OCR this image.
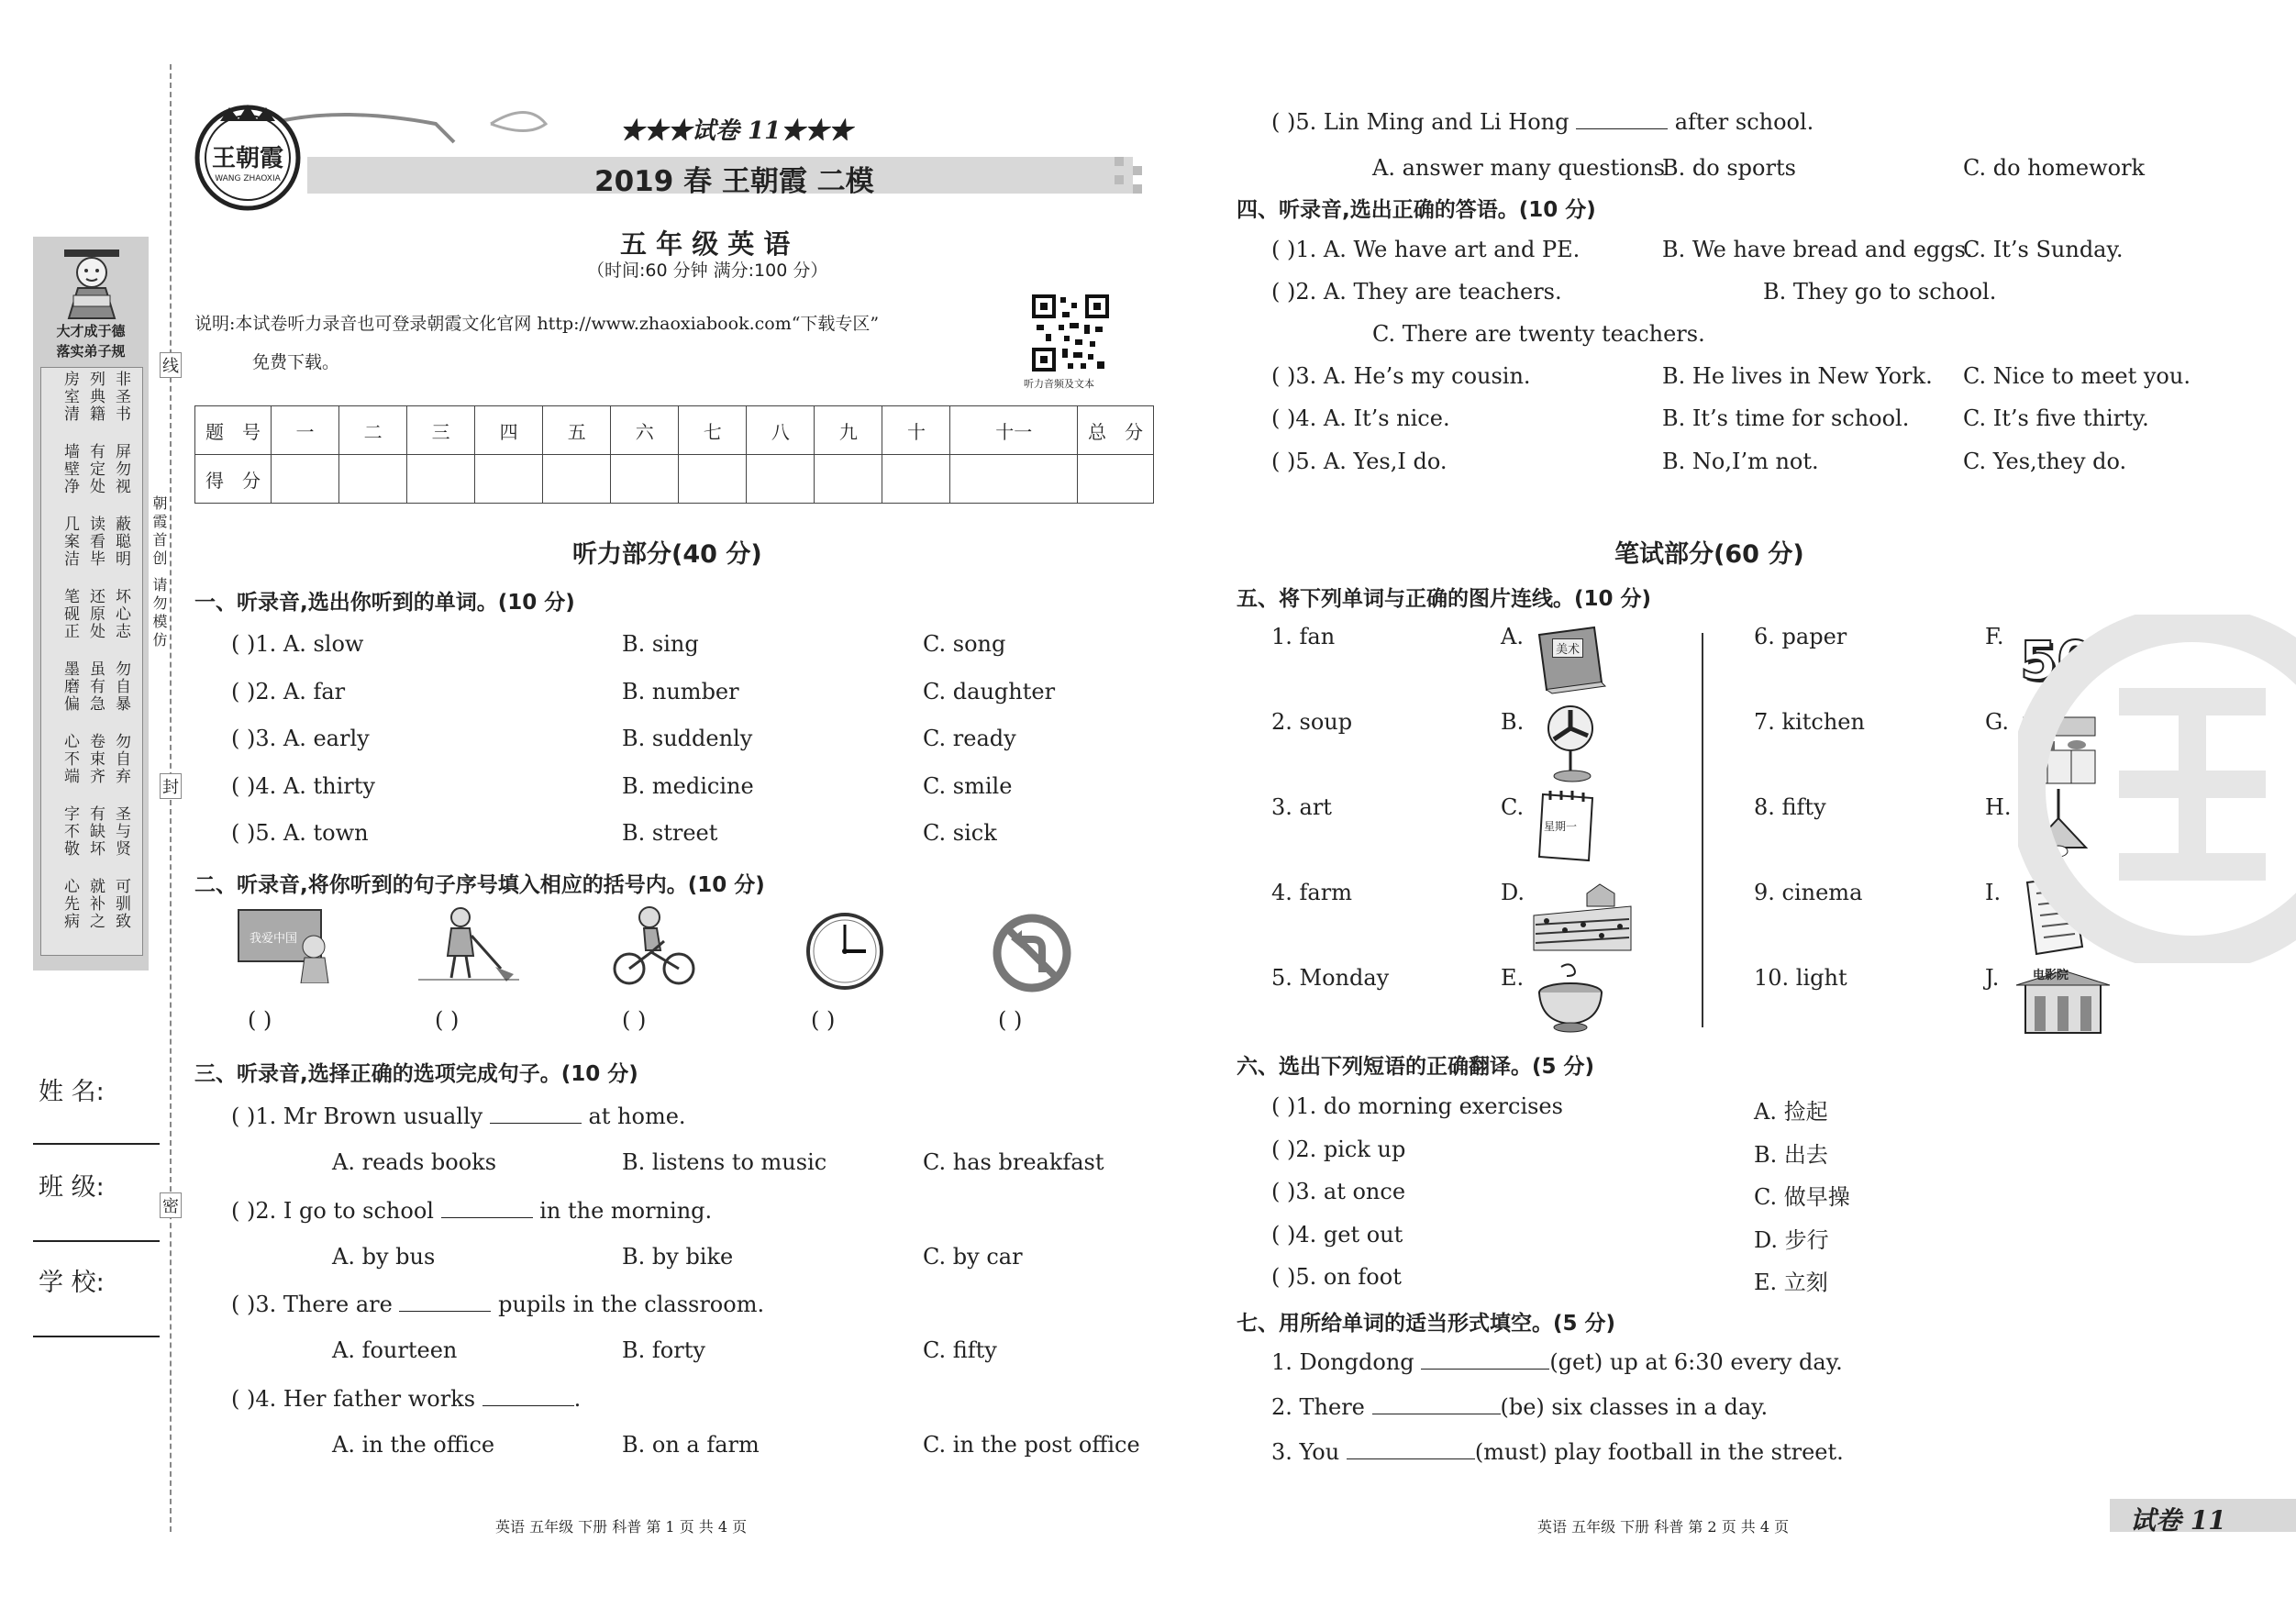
大才成于德
落实弟子规
非圣书
列典籍
房室清
屏勿视
有定处
墙壁净
蔽聪明
读看毕
几案洁
坏心志
还原处
笔砚正
勿自暴
虽有急
墨磨偏
勿自弃
卷束齐
心不端
圣与贤
有缺坏
字不敬
可驯致
就补之
心先病
线
封
密
朝霞首创 请勿模仿
姓 名:
班 级:
学 校:
王朝霞
WANG ZHAOXIA
★★★试卷 11★★★
2019 春 王朝霞 二模
五 年 级 英 语
（时间:60 分钟 满分:100 分）
说明:本试卷听力录音也可登录朝霞文化官网 http://www.zhaoxiabook.com“下载专区”
免费下载。
听力音频及文本
题　号	一	二	三	四	五	六	七	八	九	十	十一	总　分
得　分												
听力部分(40 分)
一、听录音,选出你听到的单词。(10 分)
( )1. A. slow	B. sing	C. song
( )2. A. far	B. number	C. daughter
( )3. A. early	B. suddenly	C. ready
( )4. A. thirty	B. medicine	C. smile
( )5. A. town	B. street	C. sick
二、听录音,将你听到的句子序号填入相应的括号内。(10 分)
我爱中国
( )	( )	( )	( )	( )
三、听录音,选择正确的选项完成句子。(10 分)
( )1. Mr Brown usually	at home.
A. reads books	B. listens to music	C. has breakfast
( )2. I go to school	in the morning.
A. by bus	B. by bike	C. by car
( )3. There are	pupils in the classroom.
A. fourteen	B. forty	C. fifty
( )4. Her father works	.
A. in the office	B. on a farm	C. in the post office
英语 五年级 下册 科普 第 1 页 共 4 页
( )5. Lin Ming and Li Hong	after school.
A. answer many questions
B. do sports	C. do homework
四、听录音,选出正确的答语。(10 分)
( )1. A. We have art and PE.	B. We have bread and eggs.
C. It’s Sunday.
( )2. A. They are teachers.	B. They go to school.
C. There are twenty teachers.
( )3. A. He’s my cousin.	B. He lives in New York. C. Nice to meet you.
( )4. A. It’s nice.	B. It’s time for school. C. It’s five thirty.
( )5. A. Yes,I do.	B. No,I’m not.	C. Yes,they do.
笔试部分(60 分)
五、将下列单词与正确的图片连线。(10 分)
1. fan	A.	6. paper	F.
2. soup	B.	7. kitchen	G.
3. art	C.	8. fifty	H.
4. farm	D.	9. cinema	I.
5. Monday	E.	10. light	J.
美术
星期一
50
电影院
六、选出下列短语的正确翻译。(5 分)
( )1. do morning exercises	A. 捡起
( )2. pick up	B. 出去
( )3. at once	C. 做早操
( )4. get out	D. 步行
( )5. on foot	E. 立刻
七、用所给单词的适当形式填空。(5 分)
1. Dongdong	(get) up at 6:30 every day.
2. There	(be) six classes in a day.
3. You	(must) play football in the street.
英语 五年级 下册 科普 第 2 页 共 4 页	试卷 11
